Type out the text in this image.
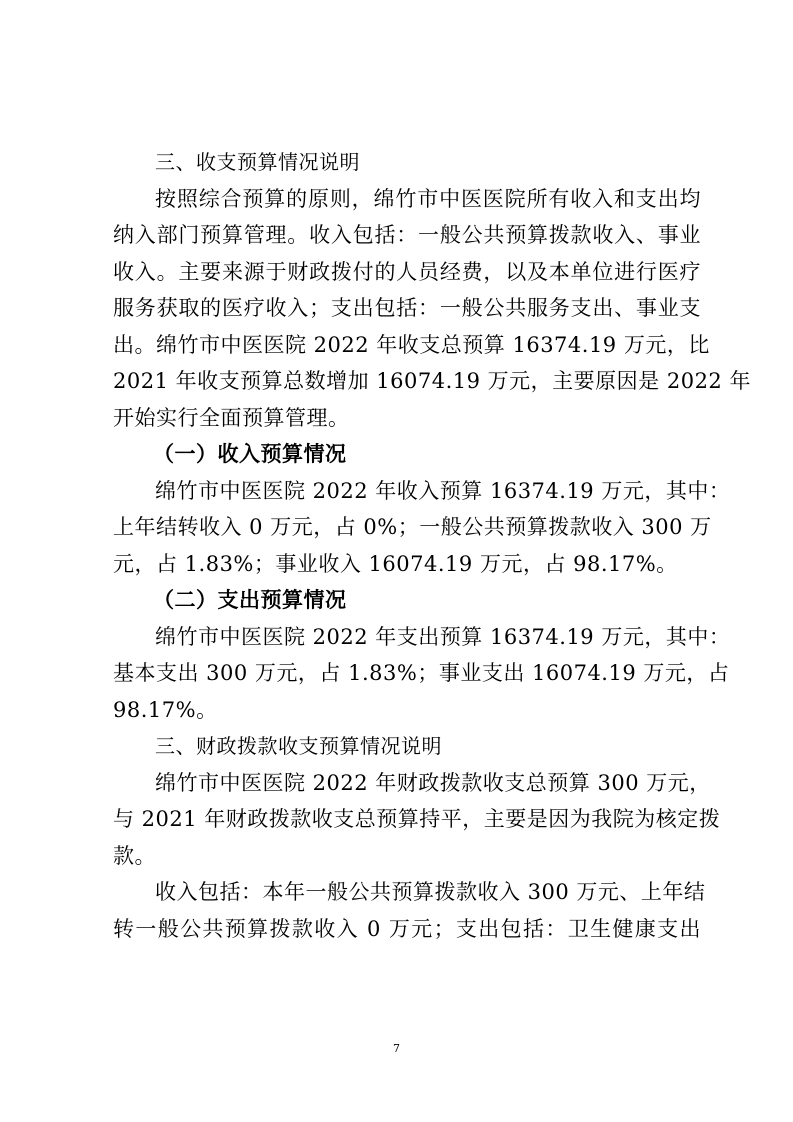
三、收支预算情况说明
按照综合预算的原则，绵竹市中医医院所有收入和支出均
纳入部门预算管理。收入包括：一般公共预算拨款收入、事业
收入。主要来源于财政拨付的人员经费，以及本单位进行医疗
服务获取的医疗收入；支出包括：一般公共服务支出、事业支
出。绵竹市中医医院 2022 年收支总预算 16374.19 万元，比
2021 年收支预算总数增加 16074.19 万元，主要原因是 2022 年
开始实行全面预算管理。
（一）收入预算情况
绵竹市中医医院 2022 年收入预算 16374.19 万元，其中：
上年结转收入 0 万元，占 0%；一般公共预算拨款收入 300 万
元，占 1.83%；事业收入 16074.19 万元，占 98.17%。
（二）支出预算情况
绵竹市中医医院 2022 年支出预算 16374.19 万元，其中：
基本支出 300 万元，占 1.83%；事业支出 16074.19 万元，占
98.17%。
三、财政拨款收支预算情况说明
绵竹市中医医院 2022 年财政拨款收支总预算 300 万元，
与 2021 年财政拨款收支总预算持平，主要是因为我院为核定拨
款。
收入包括：本年一般公共预算拨款收入 300 万元、上年结
转一般公共预算拨款收入 0 万元；支出包括：卫生健康支出
7
